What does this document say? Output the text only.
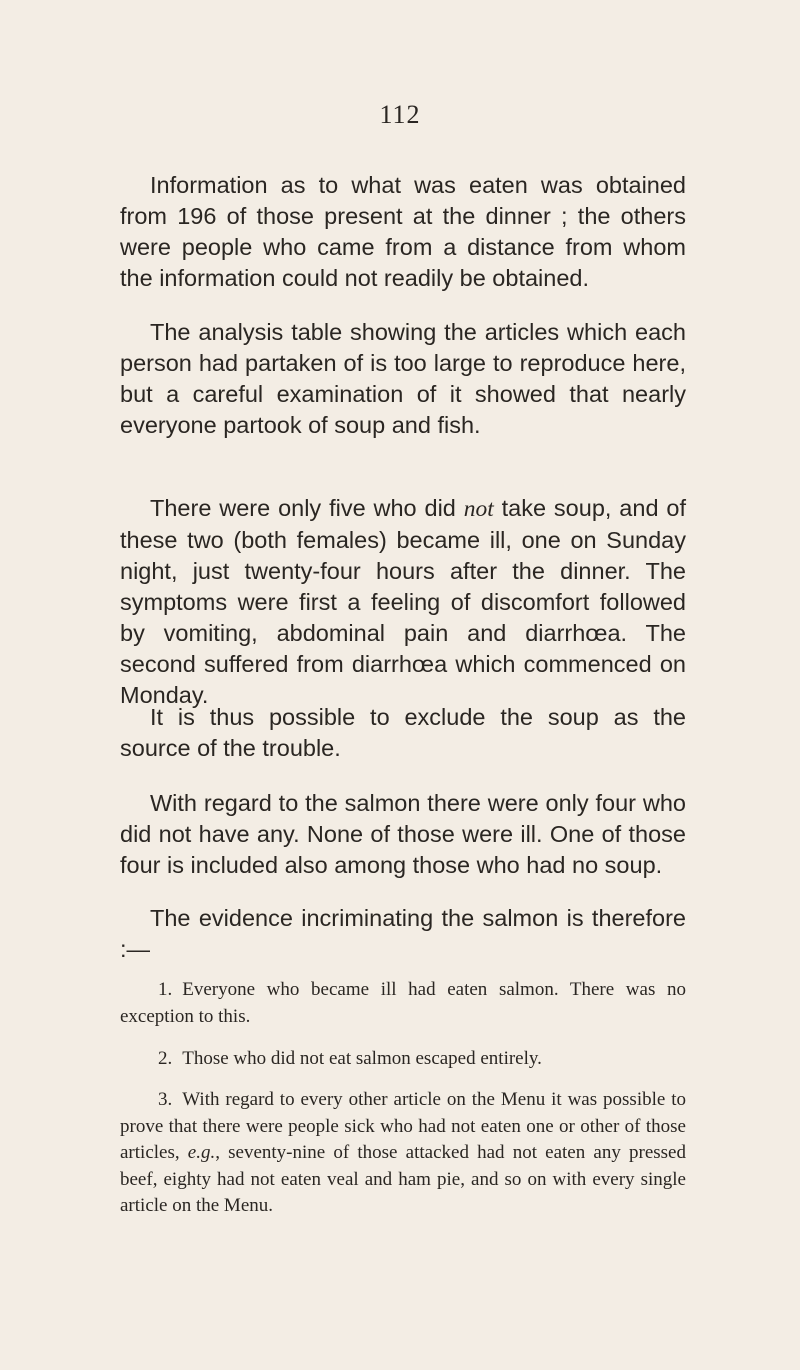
112

Information as to what was eaten was obtained from 196 of those present at the dinner ; the others were people who came from a distance from whom the information could not readily be obtained.

The analysis table showing the articles which each person had partaken of is too large to reproduce here, but a careful examination of it showed that nearly everyone partook of soup and fish.

There were only five who did not take soup, and of these two (both females) became ill, one on Sunday night, just twenty-four hours after the dinner. The symptoms were first a feeling of discomfort followed by vomiting, abdominal pain and diarrhœa. The second suffered from diarrhœa which commenced on Monday.

It is thus possible to exclude the soup as the source of the trouble.

With regard to the salmon there were only four who did not have any. None of those were ill. One of those four is included also among those who had no soup.

The evidence incriminating the salmon is therefore :—

1. Everyone who became ill had eaten salmon. There was no exception to this.

2. Those who did not eat salmon escaped entirely.

3. With regard to every other article on the Menu it was possible to prove that there were people sick who had not eaten one or other of those articles, e.g., seventy-nine of those attacked had not eaten any pressed beef, eighty had not eaten veal and ham pie, and so on with every single article on the Menu.
